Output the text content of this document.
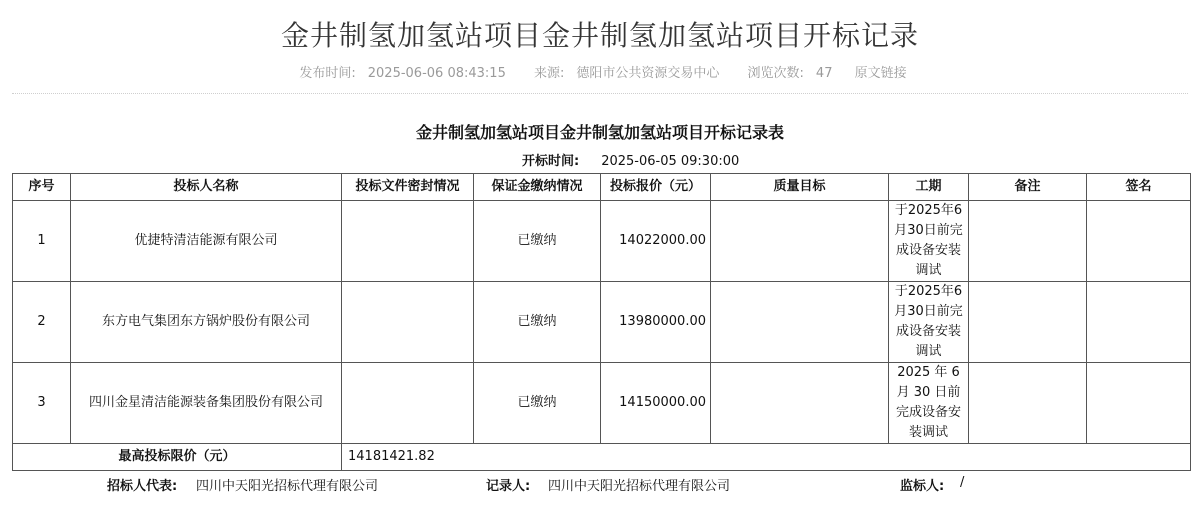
金井制氢加氢站项目金井制氢加氢站项目开标记录
发布时间: 2025-06-06 08:43:15 来源: 德阳市公共资源交易中心 浏览次数: 47 原文链接
金井制氢加氢站项目金井制氢加氢站项目开标记录表
开标时间: 2025-06-05 09:30:00
序号	投标人名称	投标文件密封情况	保证金缴纳情况	投标报价（元）	质量目标	工期	备注	签名
1	优捷特清洁能源有限公司		已缴纳	14022000.00		于2025年6月30日前完成设备安装调试		
2	东方电气集团东方锅炉股份有限公司		已缴纳	13980000.00		于2025年6月30日前完成设备安装调试		
3	四川金星清洁能源装备集团股份有限公司		已缴纳	14150000.00		2025 年 6 月 30 日前完成设备安装调试		
最高投标限价（元）		14181421.82						
招标人代表: 四川中天阳光招标代理有限公司	记录人: 四川中天阳光招标代理有限公司	监标人: /
